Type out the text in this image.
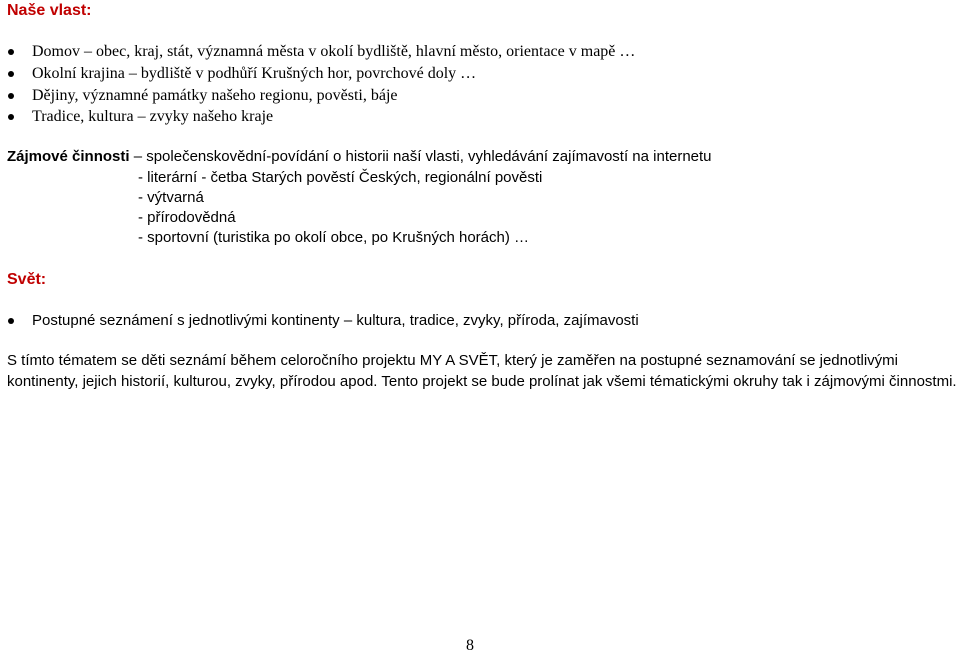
Naše vlast:
Domov – obec, kraj, stát, významná města v okolí bydliště, hlavní město, orientace v mapě …
Okolní krajina – bydliště v podhůří Krušných hor, povrchové doly …
Dějiny, významné památky našeho regionu, pověsti, báje
Tradice, kultura – zvyky našeho kraje

Zájmové činnosti – společenskovědní-povídání o historii naší vlasti, vyhledávání zajímavostí na internetu

- literární - četba Starých pověstí Českých, regionální pověsti

- výtvarná

- přírodovědná

- sportovní (turistika po okolí obce, po Krušných horách) …

Svět:
Postupné seznámení s jednotlivými kontinenty – kultura, tradice, zvyky, příroda, zajímavosti

S tímto tématem se děti seznámí během celoročního projektu MY A SVĚT, který je zaměřen na postupné seznamování se jednotlivými kontinenty, jejich historií, kulturou, zvyky, přírodou apod. Tento projekt se bude prolínat jak všemi tématickými okruhy tak i zájmovými činnostmi.

8
